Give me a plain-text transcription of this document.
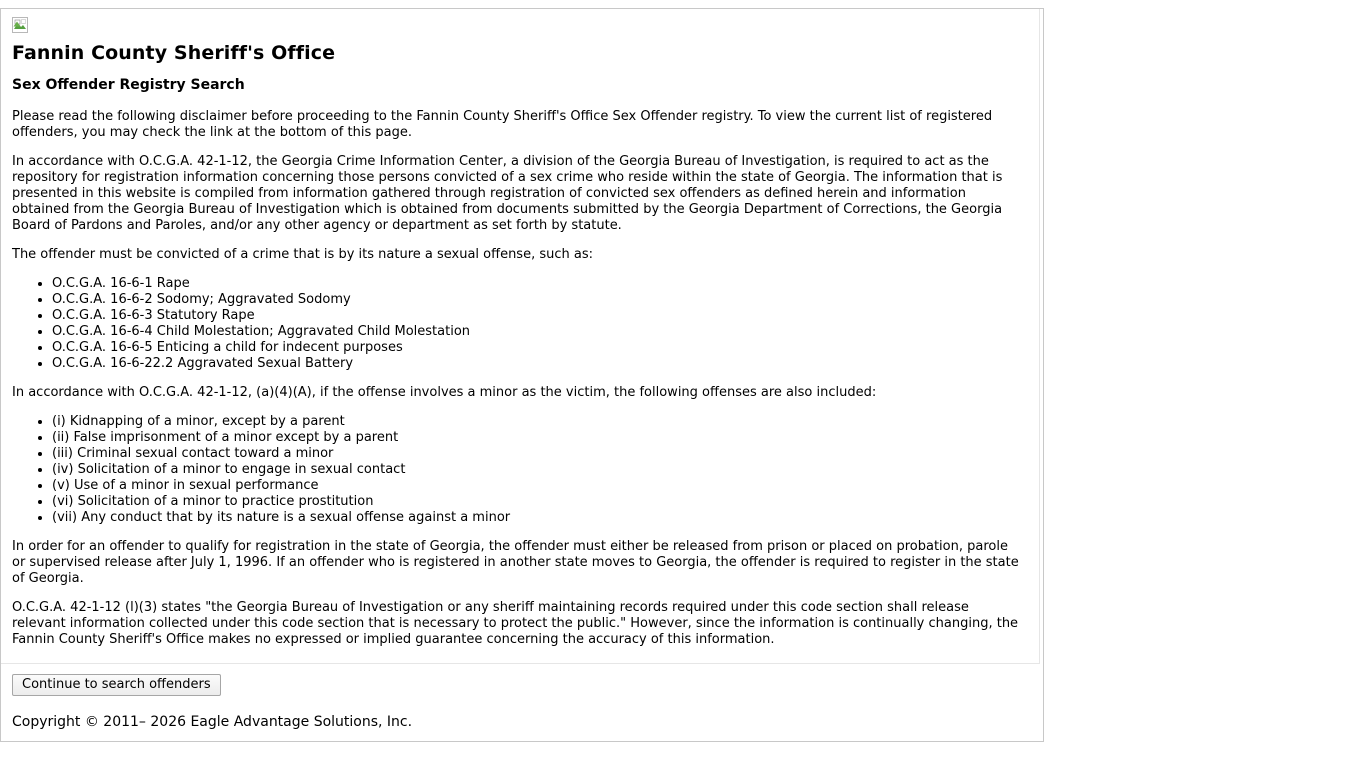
Fannin County Sheriff's Office
Sex Offender Registry Search

Please read the following disclaimer before proceeding to the Fannin County Sheriff's Office Sex Offender registry. To view the current list of registered offenders, you may check the link at the bottom of this page.

In accordance with O.C.G.A. 42-1-12, the Georgia Crime Information Center, a division of the Georgia Bureau of Investigation, is required to act as the repository for registration information concerning those persons convicted of a sex crime who reside within the state of Georgia. The information that is presented in this website is compiled from information gathered through registration of convicted sex offenders as defined herein and information obtained from the Georgia Bureau of Investigation which is obtained from documents submitted by the Georgia Department of Corrections, the Georgia Board of Pardons and Paroles, and/or any other agency or department as set forth by statute.

The offender must be convicted of a crime that is by its nature a sexual offense, such as:

• O.C.G.A. 16-6-1 Rape
• O.C.G.A. 16-6-2 Sodomy; Aggravated Sodomy
• O.C.G.A. 16-6-3 Statutory Rape
• O.C.G.A. 16-6-4 Child Molestation; Aggravated Child Molestation
• O.C.G.A. 16-6-5 Enticing a child for indecent purposes
• O.C.G.A. 16-6-22.2 Aggravated Sexual Battery

In accordance with O.C.G.A. 42-1-12, (a)(4)(A), if the offense involves a minor as the victim, the following offenses are also included:

• (i) Kidnapping of a minor, except by a parent
• (ii) False imprisonment of a minor except by a parent
• (iii) Criminal sexual contact toward a minor
• (iv) Solicitation of a minor to engage in sexual contact
• (v) Use of a minor in sexual performance
• (vi) Solicitation of a minor to practice prostitution
• (vii) Any conduct that by its nature is a sexual offense against a minor

In order for an offender to qualify for registration in the state of Georgia, the offender must either be released from prison or placed on probation, parole or supervised release after July 1, 1996. If an offender who is registered in another state moves to Georgia, the offender is required to register in the state of Georgia.

O.C.G.A. 42-1-12 (l)(3) states "the Georgia Bureau of Investigation or any sheriff maintaining records required under this code section shall release relevant information collected under this code section that is necessary to protect the public." However, since the information is continually changing, the Fannin County Sheriff's Office makes no expressed or implied guarantee concerning the accuracy of this information.

Continue to search offenders

Copyright © 2011– 2026 Eagle Advantage Solutions, Inc.
